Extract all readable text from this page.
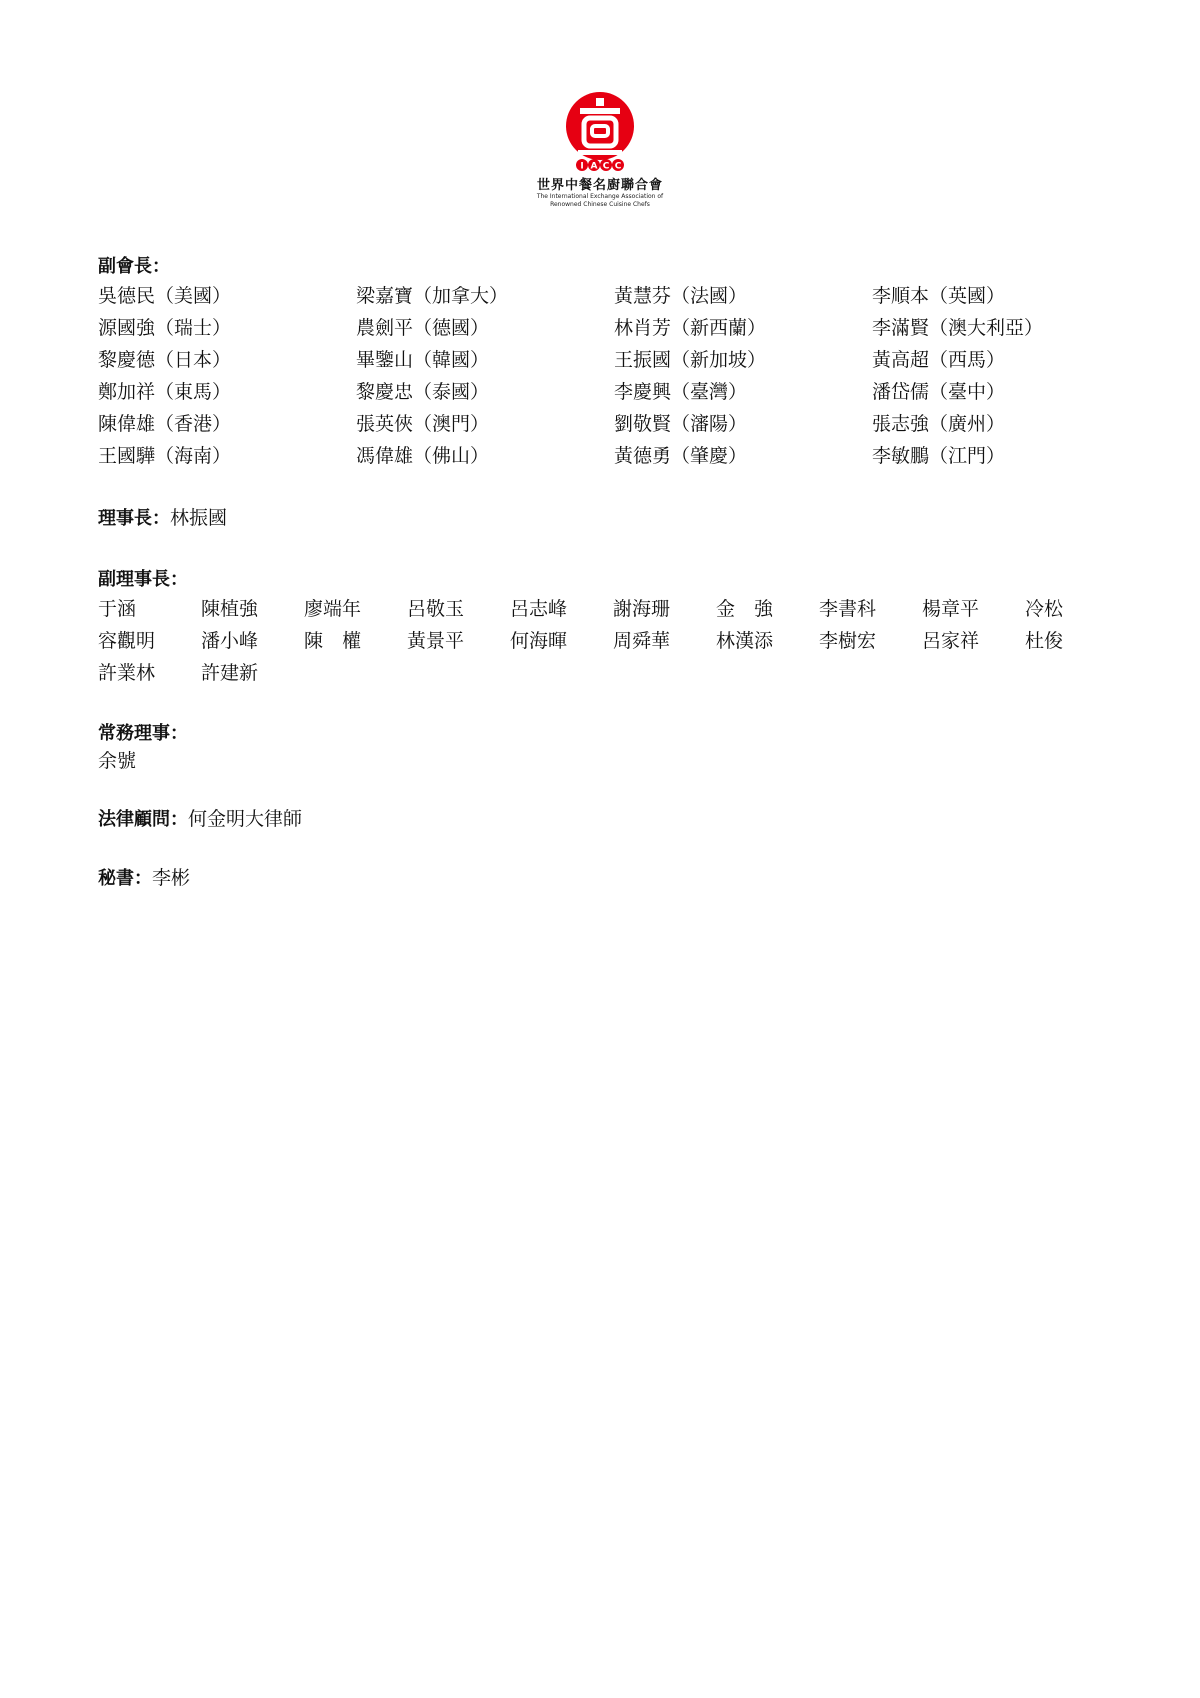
I A C C
世界中餐名廚聯合會
The International Exchange Association of
Renowned Chinese Cuisine Chefs
副會長：
吳德民（美國）	梁嘉寶（加拿大）	黃慧芬（法國）	李順本（英國）
源國強（瑞士）	農劍平（德國）	林肖芳（新西蘭）	李滿賢（澳大利亞）
黎慶德（日本）	畢鑒山（韓國）	王振國（新加坡）	黃高超（西馬）
鄭加祥（東馬）	黎慶忠（泰國）	李慶興（臺灣）	潘岱儒（臺中）
陳偉雄（香港）	張英俠（澳門）	劉敬賢（瀋陽）	張志強（廣州）
王國驊（海南）	馮偉雄（佛山）	黃德勇（肇慶）	李敏鵬（江門）
理事長：林振國
副理事長：
于涵	陳植強	廖端年	呂敬玉	呂志峰	謝海珊	金　強	李書科	楊章平	冷松
容觀明	潘小峰	陳　權	黃景平	何海暉	周舜華	林漢添	李樹宏	呂家祥	杜俊
許業林	許建新
常務理事：
余號
法律顧問：何金明大律師
秘書：李彬
